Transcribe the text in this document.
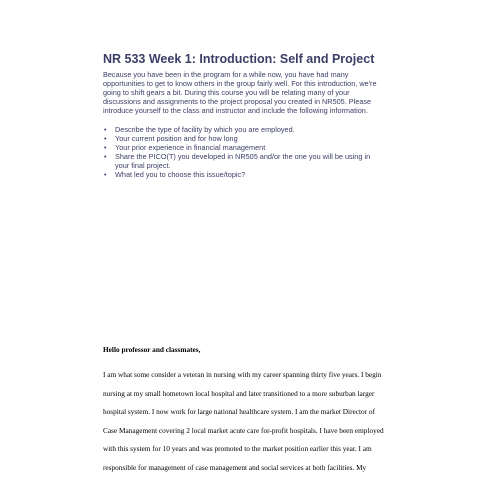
NR 533 Week 1: Introduction: Self and Project

Because you have been in the program for a while now, you have had many
opportunities to get to know others in the group fairly well. For this introduction, we're
going to shift gears a bit. During this course you will be relating many of your
discussions and assignments to the project proposal you created in NR505. Please
introduce yourself to the class and instructor and include the following information.

• Describe the type of facility by which you are employed.
• Your current position and for how long
• Your prior experience in financial management
• Share the PICO(T) you developed in NR505 and/or the one you will be using in
your final project.
• What led you to choose this issue/topic?

Hello professor and classmates,

I am what some consider a veteran in nursing with my career spanning thirty five years. I begin
nursing at my small hometown local hospital and later transitioned to a more suburban larger
hospital system. I now work for large national healthcare system. I am the market Director of
Case Management covering 2 local market acute care for-profit hospitals. I have been employed
with this system for 10 years and was promoted to the market position earlier this year. I am
responsible for management of case management and social services at both facilities. My
